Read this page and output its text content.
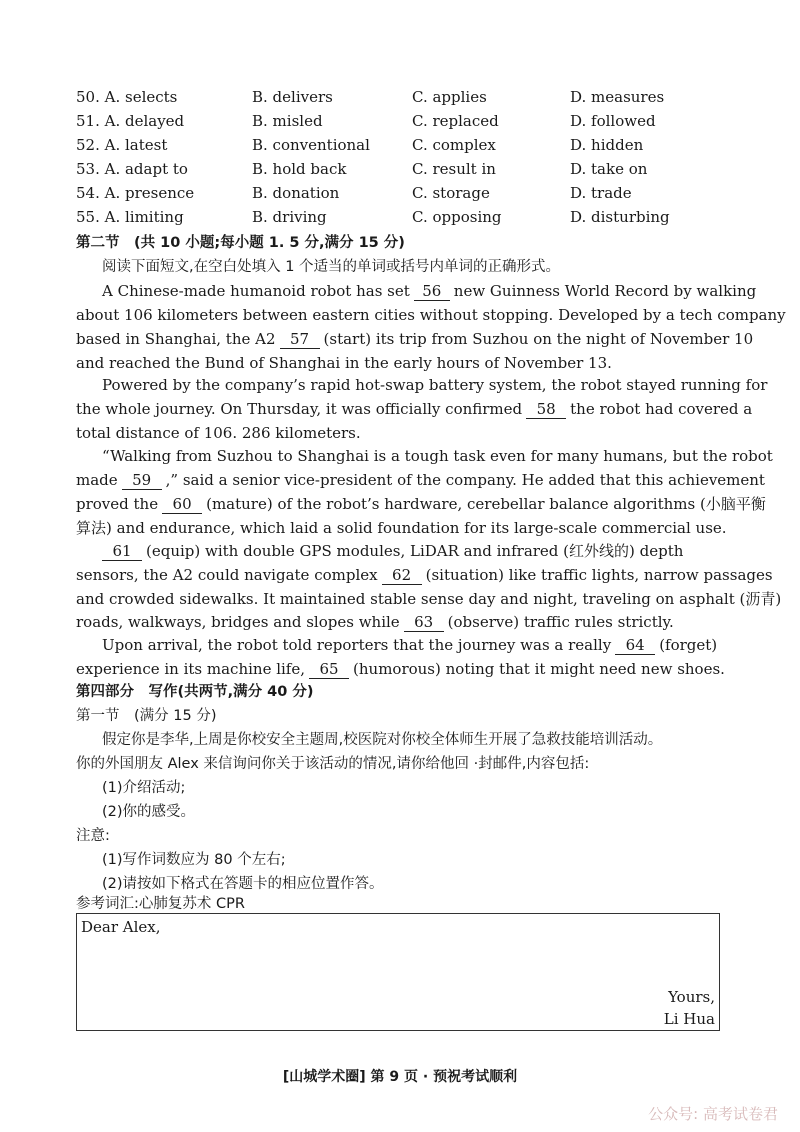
50. A. selects	B. delivers	C. applies	D. measures
51. A. delayed	B. misled	C. replaced	D. followed
52. A. latest	B. conventional	C. complex	D. hidden
53. A. adapt to	B. hold back	C. result in	D. take on
54. A. presence	B. donation	C. storage	D. trade
55. A. limiting	B. driving	C. opposing	D. disturbing
第二节　(共 10 小题;每小题 1. 5 分,满分 15 分)
阅读下面短文,在空白处填入 1 个适当的单词或括号内单词的正确形式。
A Chinese-made humanoid robot has set 56 new Guinness World Record by walking
about 106 kilometers between eastern cities without stopping. Developed by a tech company
based in Shanghai, the A2 57 (start) its trip from Suzhou on the night of November 10
and reached the Bund of Shanghai in the early hours of November 13.
Powered by the company’s rapid hot-swap battery system, the robot stayed running for
the whole journey. On Thursday, it was officially confirmed 58 the robot had covered a
total distance of 106. 286 kilometers.
“Walking from Suzhou to Shanghai is a tough task even for many humans, but the robot
made 59 ,” said a senior vice-president of the company. He added that this achievement
proved the 60 (mature) of the robot’s hardware, cerebellar balance algorithms (小脑平衡
算法) and endurance, which laid a solid foundation for its large-scale commercial use.
61 (equip) with double GPS modules, LiDAR and infrared (红外线的) depth
sensors, the A2 could navigate complex 62 (situation) like traffic lights, narrow passages
and crowded sidewalks. It maintained stable sense day and night, traveling on asphalt (沥青)
roads, walkways, bridges and slopes while 63 (observe) traffic rules strictly.
Upon arrival, the robot told reporters that the journey was a really 64 (forget)
experience in its machine life, 65 (humorous) noting that it might need new shoes.
第四部分　写作(共两节,满分 40 分)
第一节　(满分 15 分)
假定你是李华,上周是你校安全主题周,校医院对你校全体师生开展了急救技能培训活动。
你的外国朋友 Alex 来信询问你关于该活动的情况,请你给他回 ·封邮件,内容包括:
(1)介绍活动;
(2)你的感受。
注意:
(1)写作词数应为 80 个左右;
(2)请按如下格式在答题卡的相应位置作答。
参考词汇:心肺复苏术 CPR
Dear Alex,
Yours,
Li Hua
[山城学术圈] 第 9 页 · 预祝考试顺利
公众号: 高考试卷君
